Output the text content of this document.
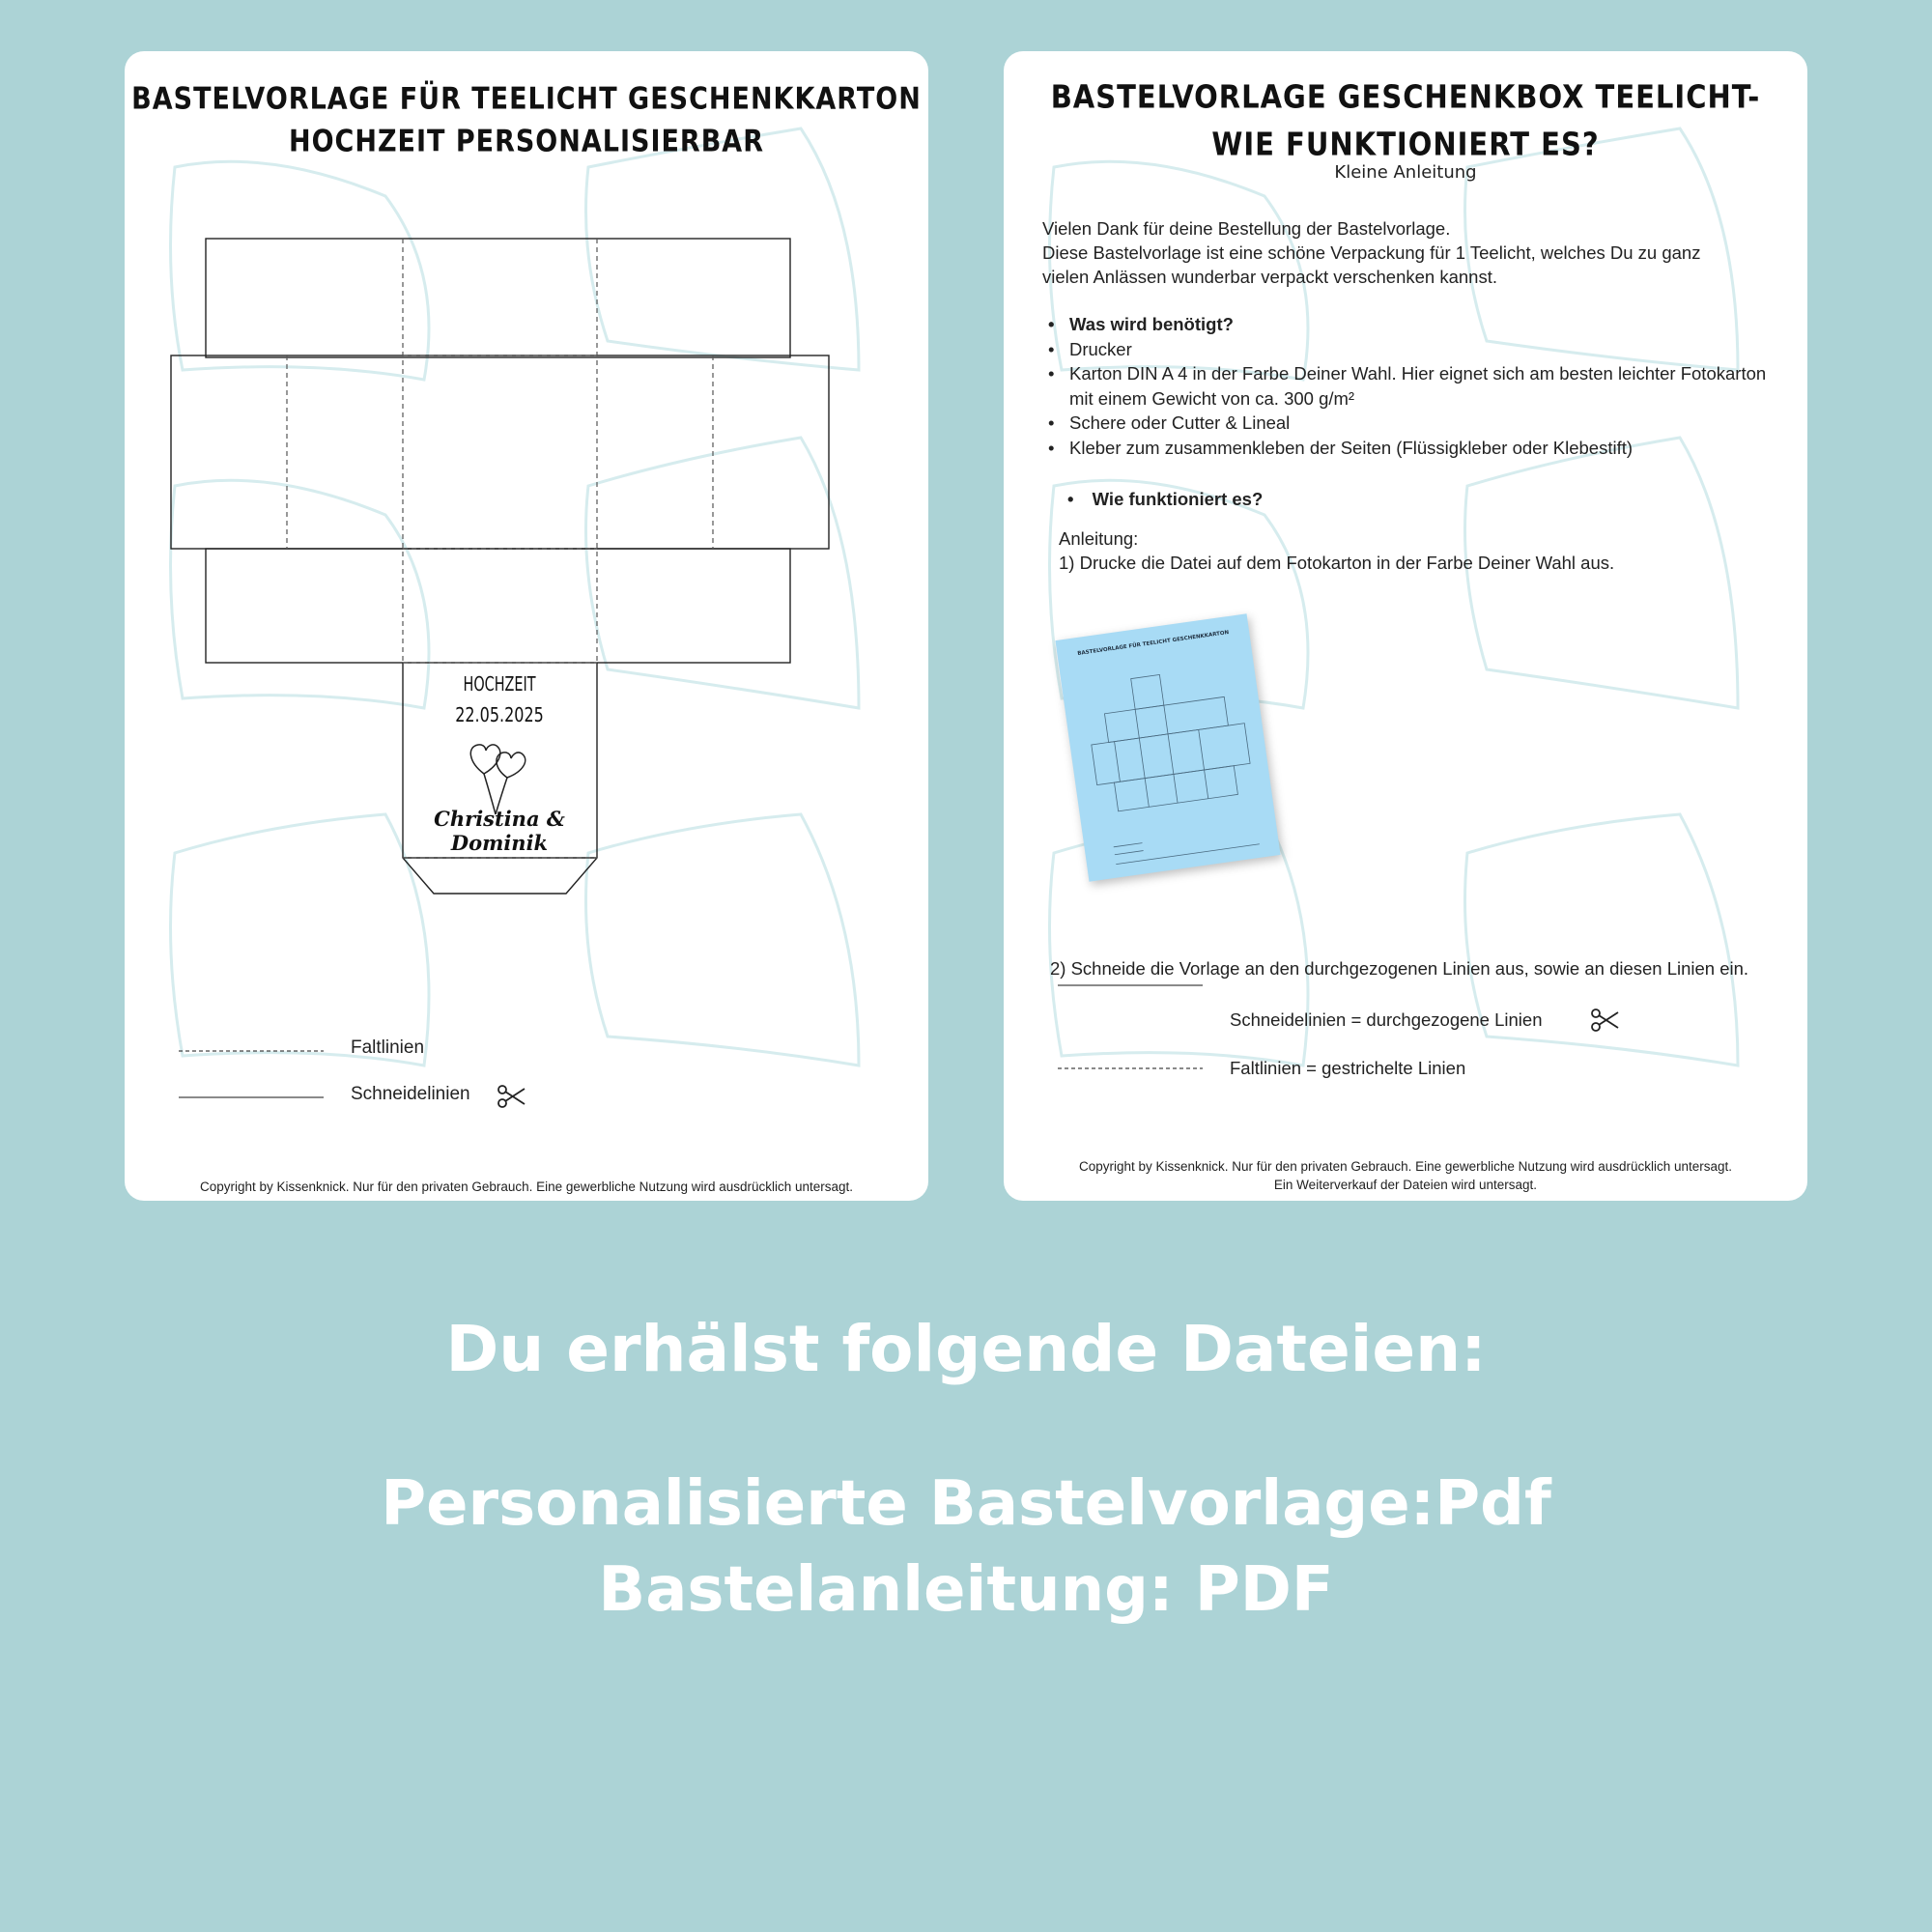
BASTELVORLAGE FÜR TEELICHT GESCHENKKARTON
HOCHZEIT PERSONALISIERBAR
HOCHZEIT
22.05.2025
Christina & Dominik
Faltlinien
Schneidelinien
Copyright by Kissenknick. Nur für den privaten Gebrauch. Eine gewerbliche Nutzung wird ausdrücklich untersagt.
BASTELVORLAGE GESCHENKBOX TEELICHT-
WIE FUNKTIONIERT ES?
Kleine Anleitung
Vielen Dank für deine Bestellung der Bastelvorlage.
Diese Bastelvorlage ist eine schöne Verpackung für 1 Teelicht, welches Du zu ganz
vielen Anlässen wunderbar verpackt verschenken kannst.
• Was wird benötigt?
• Drucker
• Karton DIN A 4 in der Farbe Deiner Wahl. Hier eignet sich am besten leichter Fotokarton mit einem Gewicht von ca. 300 g/m²
• Schere oder Cutter & Lineal
• Kleber zum zusammenkleben der Seiten (Flüssigkleber oder Klebestift)
• Wie funktioniert es?
Anleitung:
1) Drucke die Datei auf dem Fotokarton in der Farbe Deiner Wahl aus.
BASTELVORLAGE FÜR TEELICHT GESCHENKKARTON
2) Schneide die Vorlage an den durchgezogenen Linien aus, sowie an diesen Linien ein.
Schneidelinien = durchgezogene Linien
Faltlinien = gestrichelte Linien
Copyright by Kissenknick. Nur für den privaten Gebrauch. Eine gewerbliche Nutzung wird ausdrücklich untersagt.
Ein Weiterverkauf der Dateien wird untersagt.
Du erhälst folgende Dateien:
Personalisierte Bastelvorlage:Pdf
Bastelanleitung: PDF
